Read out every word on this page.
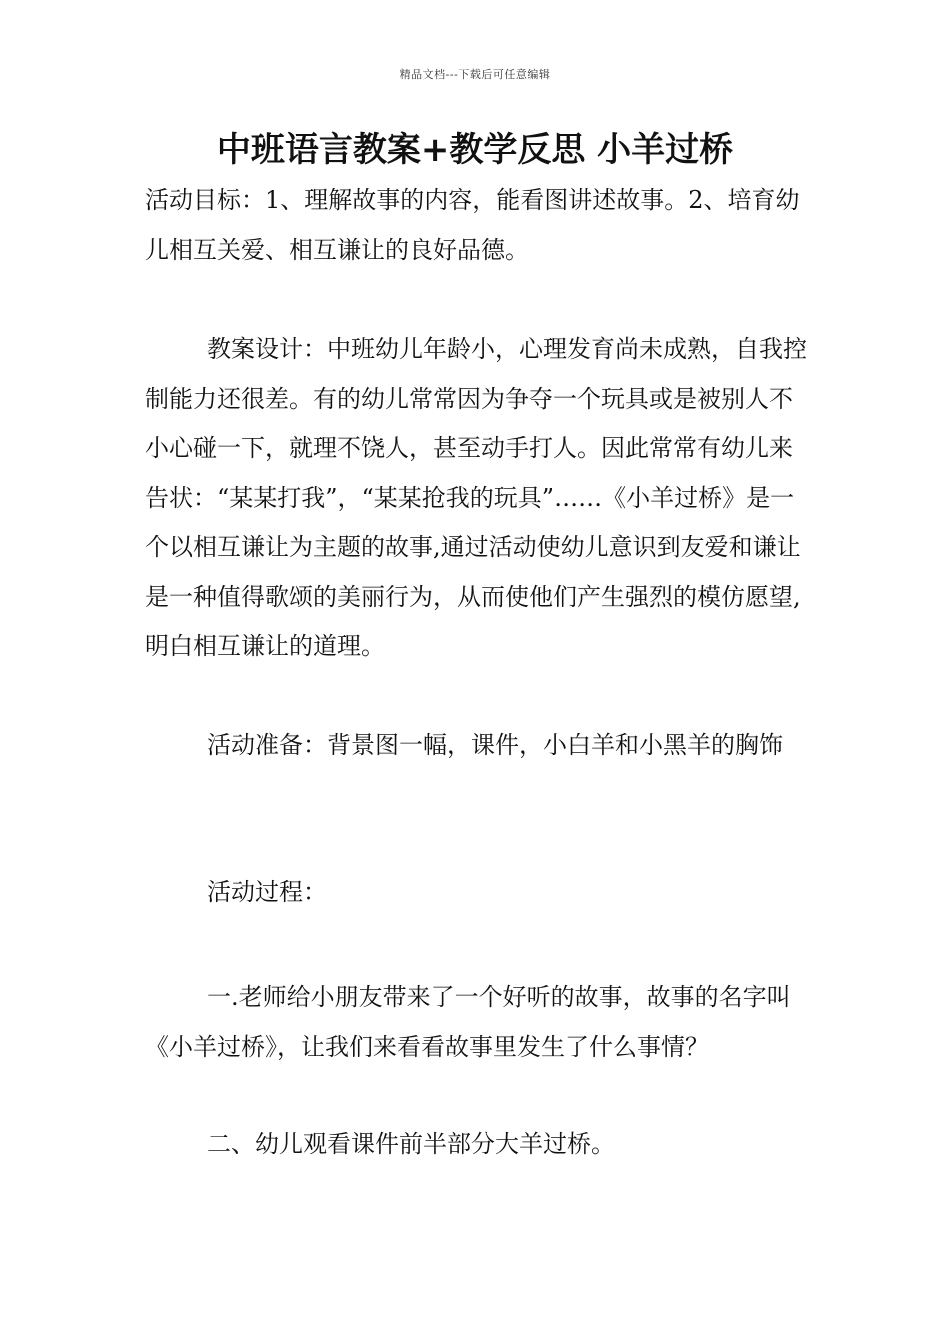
精品文档---下载后可任意编辑
中班语言教案+教学反思 小羊过桥

活动目标：1、理解故事的内容，能看图讲述故事。2、培育幼儿相互关爱、相互谦让的良好品德。

教案设计：中班幼儿年龄小，心理发育尚未成熟，自我控制能力还很差。有的幼儿常常因为争夺一个玩具或是被别人不小心碰一下，就理不饶人，甚至动手打人。因此常常有幼儿来告状：“某某打我”，“某某抢我的玩具”……《小羊过桥》是一个以相互谦让为主题的故事,通过活动使幼儿意识到友爱和谦让是一种值得歌颂的美丽行为，从而使他们产生强烈的模仿愿望,明白相互谦让的道理。

活动准备：背景图一幅，课件，小白羊和小黑羊的胸饰

活动过程：

一.老师给小朋友带来了一个好听的故事，故事的名字叫《小羊过桥》，让我们来看看故事里发生了什么事情？

二、幼儿观看课件前半部分大羊过桥。
